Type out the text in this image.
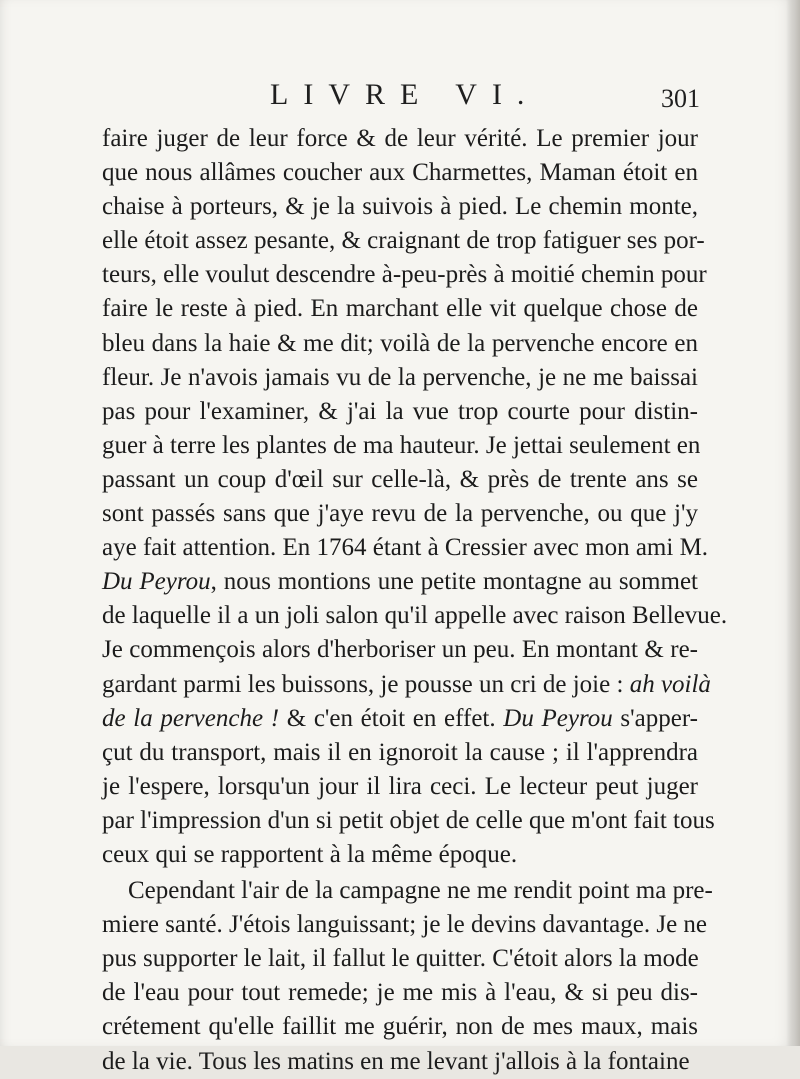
LIVRE VI.	301
faire juger de leur force & de leur vérité. Le premier jour
que nous allâmes coucher aux Charmettes, Maman étoit en
chaise à porteurs, & je la suivois à pied. Le chemin monte,
elle étoit assez pesante, & craignant de trop fatiguer ses por-
teurs, elle voulut descendre à-peu-près à moitié chemin pour
faire le reste à pied. En marchant elle vit quelque chose de
bleu dans la haie & me dit; voilà de la pervenche encore en
fleur. Je n'avois jamais vu de la pervenche, je ne me baissai
pas pour l'examiner, & j'ai la vue trop courte pour distin-
guer à terre les plantes de ma hauteur. Je jettai seulement en
passant un coup d'œil sur celle-là, & près de trente ans se
sont passés sans que j'aye revu de la pervenche, ou que j'y
aye fait attention. En 1764 étant à Cressier avec mon ami M.
Du Peyrou, nous montions une petite montagne au sommet
de laquelle il a un joli salon qu'il appelle avec raison Bellevue.
Je commençois alors d'herboriser un peu. En montant & re-
gardant parmi les buissons, je pousse un cri de joie : ah voilà
de la pervenche ! & c'en étoit en effet. Du Peyrou s'apper-
çut du transport, mais il en ignoroit la cause ; il l'apprendra
je l'espere, lorsqu'un jour il lira ceci. Le lecteur peut juger
par l'impression d'un si petit objet de celle que m'ont fait tous
ceux qui se rapportent à la même époque.
Cependant l'air de la campagne ne me rendit point ma pre-
miere santé. J'étois languissant; je le devins davantage. Je ne
pus supporter le lait, il fallut le quitter. C'étoit alors la mode
de l'eau pour tout remede; je me mis à l'eau, & si peu dis-
crétement qu'elle faillit me guérir, non de mes maux, mais
de la vie. Tous les matins en me levant j'allois à la fontaine
